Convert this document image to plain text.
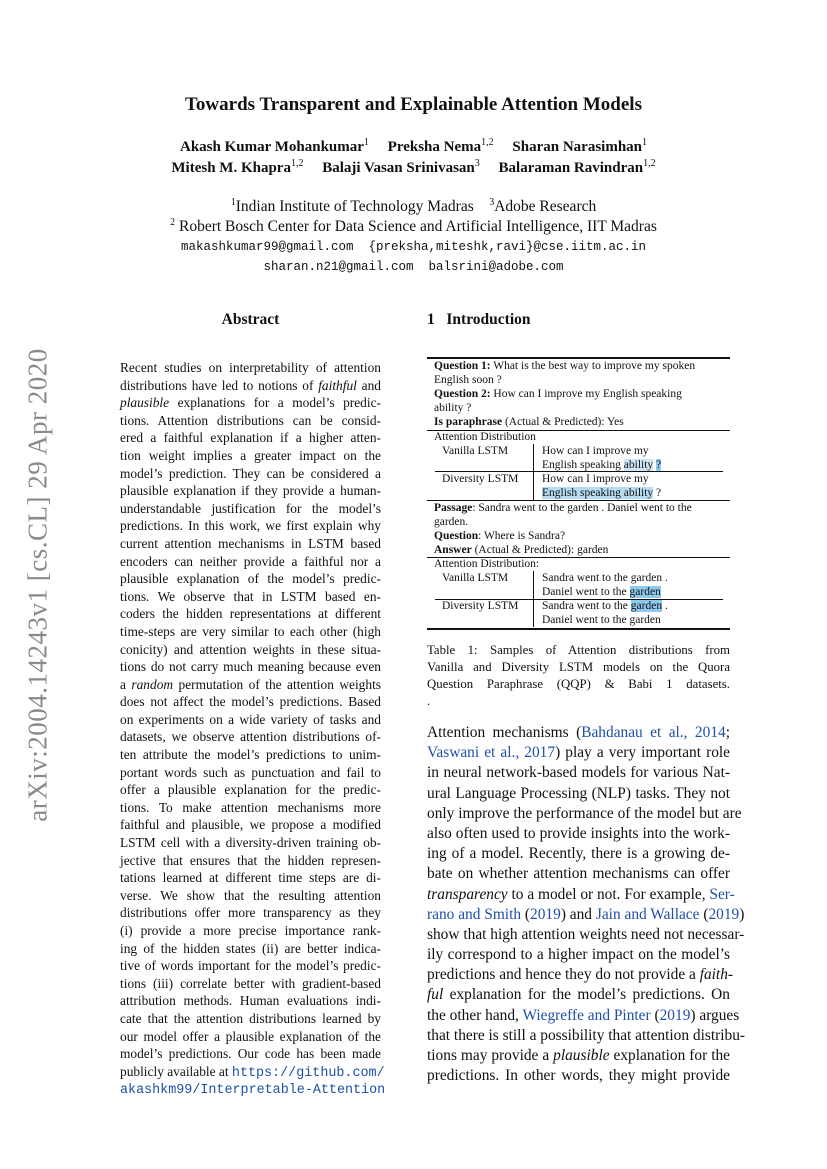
arXiv:2004.14243v1 [cs.CL] 29 Apr 2020
Towards Transparent and Explainable Attention Models
Akash Kumar Mohankumar$^1$ Preksha Nema$^{1,2}$ Sharan Narasimhan$^1$
Mitesh M. Khapra$^{1,2}$ Balaji Vasan Srinivasan$^3$ Balaraman Ravindran$^{1,2}$
$^1$Indian Institute of Technology Madras $^3$Adobe Research
$^2$ Robert Bosch Center for Data Science and Artificial Intelligence, IIT Madras
makashkumar99@gmail.com  {preksha,miteshk,ravi}@cse.iitm.ac.in
sharan.n21@gmail.com  balsrini@adobe.com
Abstract	1 Introduction
Recent studies on interpretability of attention
distributions have led to notions of faithful and
plausible explanations for a model’s predic-
tions. Attention distributions can be consid-
ered a faithful explanation if a higher atten-
tion weight implies a greater impact on the
model’s prediction. They can be considered a
plausible explanation if they provide a human-
understandable justification for the model’s
predictions. In this work, we first explain why
current attention mechanisms in LSTM based
encoders can neither provide a faithful nor a
plausible explanation of the model’s predic-
tions. We observe that in LSTM based en-
coders the hidden representations at different
time-steps are very similar to each other (high
conicity) and attention weights in these situa-
tions do not carry much meaning because even
a random permutation of the attention weights
does not affect the model’s predictions. Based
on experiments on a wide variety of tasks and
datasets, we observe attention distributions of-
ten attribute the model’s predictions to unim-
portant words such as punctuation and fail to
offer a plausible explanation for the predic-
tions. To make attention mechanisms more
faithful and plausible, we propose a modified
LSTM cell with a diversity-driven training ob-
jective that ensures that the hidden represen-
tations learned at different time steps are di-
verse. We show that the resulting attention
distributions offer more transparency as they
(i) provide a more precise importance rank-
ing of the hidden states (ii) are better indica-
tive of words important for the model’s predic-
tions (iii) correlate better with gradient-based
attribution methods. Human evaluations indi-
cate that the attention distributions learned by
our model offer a plausible explanation of the
model’s predictions. Our code has been made
publicly available at https://github.com/
akashkm99/Interpretable-Attention
Question 1: What is the best way to improve my spoken
English soon ?
Question 2: How can I improve my English speaking
ability ?
Is paraphrase (Actual & Predicted): Yes
Attention Distribution
Vanilla LSTM	How can I improve my
English speaking ability ?
Diversity LSTM How can I improve my
English speaking ability ?
Passage: Sandra went to the garden . Daniel went to the
garden.
Question: Where is Sandra?
Answer (Actual & Predicted): garden
Attention Distribution:
Vanilla LSTM	Sandra went to the garden .
Daniel went to the garden
Diversity LSTM Sandra went to the garden .
Daniel went to the garden
Table 1: Samples of Attention distributions from
Vanilla and Diversity LSTM models on the Quora
Question Paraphrase (QQP) & Babi 1 datasets.
.
Attention mechanisms (Bahdanau et al., 2014;
Vaswani et al., 2017) play a very important role
in neural network-based models for various Nat-
ural Language Processing (NLP) tasks. They not
only improve the performance of the model but are
also often used to provide insights into the work-
ing of a model. Recently, there is a growing de-
bate on whether attention mechanisms can offer
transparency to a model or not. For example, Ser-
rano and Smith (2019) and Jain and Wallace (2019)
show that high attention weights need not necessar-
ily correspond to a higher impact on the model’s
predictions and hence they do not provide a faith-
ful explanation for the model’s predictions. On
the other hand, Wiegreffe and Pinter (2019) argues
that there is still a possibility that attention distribu-
tions may provide a plausible explanation for the
predictions. In other words, they might provide
